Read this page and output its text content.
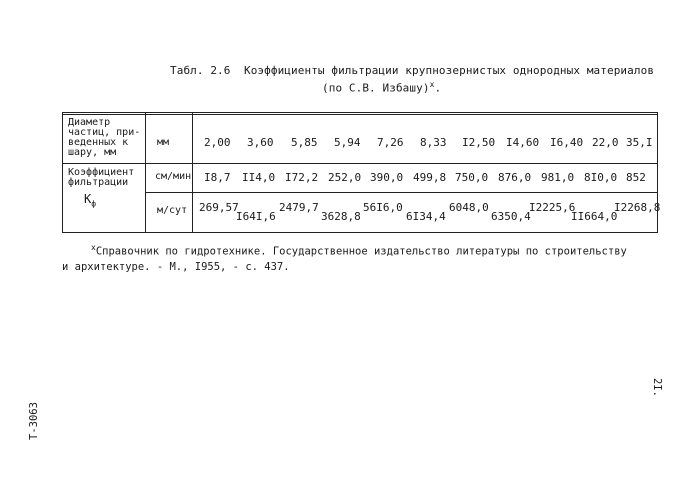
Табл. 2.6 Коэффициенты фильтрации крупнозернистых однородных материалов
(по С.В. Избашу)$^x$.
Диаметр
частиц, при-
веденных к
шару, мм
мм	2,00 3,60 5,85 5,94 7,26 8,33 I2,50 I4,60 I6,40 22,0 35,I
Коэффициент
фильтрации
$К_ф$
см/мин
м/сут
I8,7 II4,0 I72,2 252,0 390,0 499,8 750,0 876,0 981,0 8I0,0 852
269,57
I64I,6
2479,7
3628,8
56I6,0
6I34,4
6048,0
6350,4
I2225,6
II664,0
I2268,8
$^x$Справочник по гидротехнике. Государственное издательство литературы по строительству
и архитектуре. - М., I955, - с. 437.
2I.
Т-3063
